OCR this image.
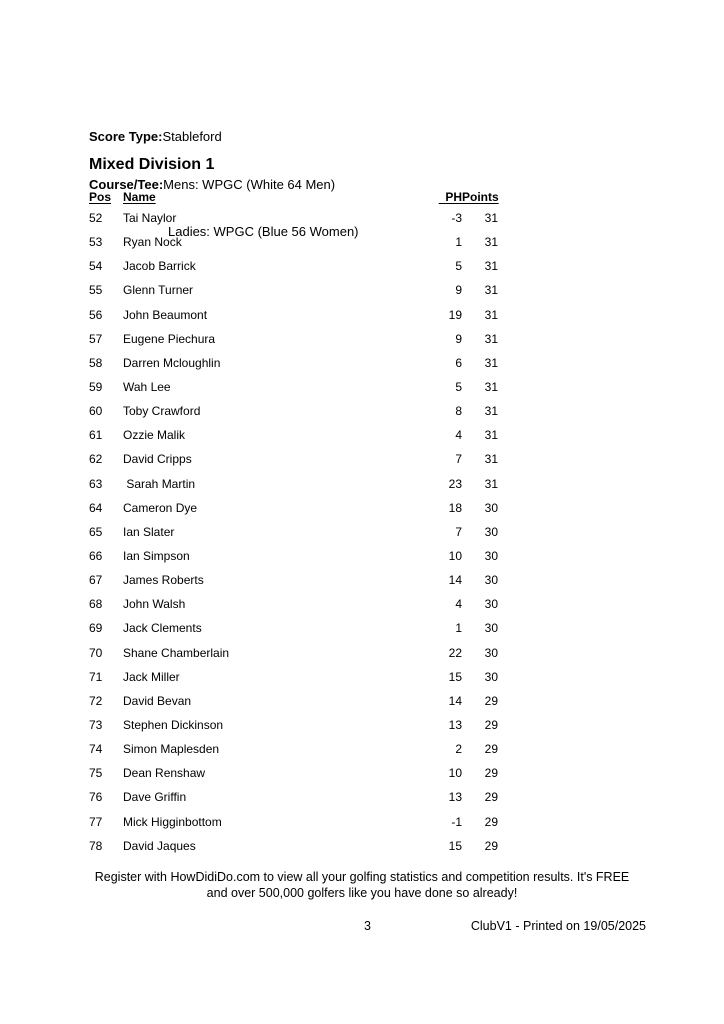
Score Type:Stableford

Course/Tee:Mens: WPGC (White 64 Men)

Ladies: WPGC (Blue 56 Women)

Mixed Division 1
Pos Name	PH Points
52	Tai Naylor	-3	31
53	Ryan Nock	1	31
54	Jacob Barrick	5	31
55	Glenn Turner	9	31
56	John Beaumont	19	31
57	Eugene Piechura	9	31
58	Darren Mcloughlin	6	31
59	Wah Lee	5	31
60	Toby Crawford	8	31
61	Ozzie Malik	4	31
62	David Cripps	7	31
63	Sarah Martin	23	31
64	Cameron Dye	18	30
65	Ian Slater	7	30
66	Ian Simpson	10	30
67	James Roberts	14	30
68	John Walsh	4	30
69	Jack Clements	1	30
70	Shane Chamberlain	22	30
71	Jack Miller	15	30
72	David Bevan	14	29
73	Stephen Dickinson	13	29
74	Simon Maplesden	2	29
75	Dean Renshaw	10	29
76	Dave Griffin	13	29
77	Mick Higginbottom	-1	29
78	David Jaques	15	29
Register with HowDidiDo.com to view all your golfing statistics and competition results. It's FREE
and over 500,000 golfers like you have done so already!
3	ClubV1 - Printed on 19/05/2025
